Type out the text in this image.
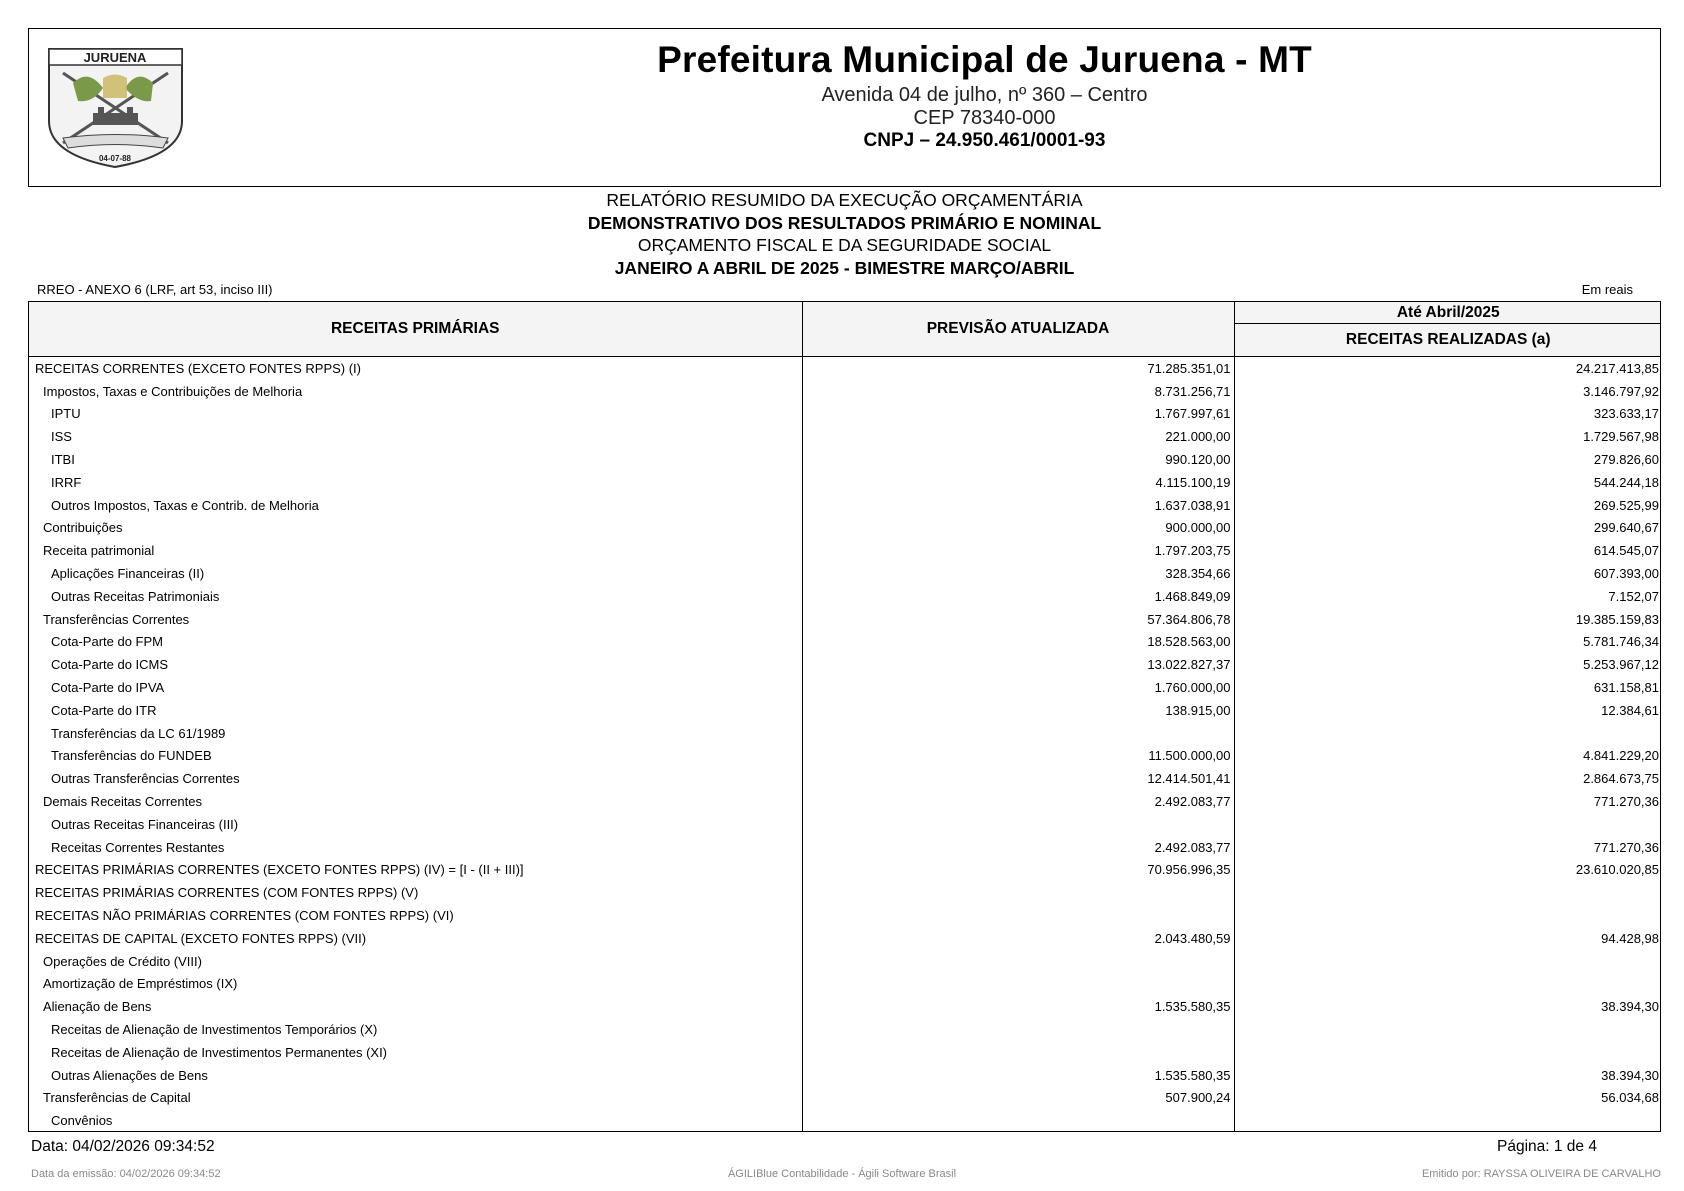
JURUENA
04-07-88
Prefeitura Municipal de Juruena - MT
Avenida 04 de julho, nº 360 – Centro
CEP 78340-000
CNPJ – 24.950.461/0001-93
RELATÓRIO RESUMIDO DA EXECUÇÃO ORÇAMENTÁRIA
DEMONSTRATIVO DOS RESULTADOS PRIMÁRIO E NOMINAL
ORÇAMENTO FISCAL E DA SEGURIDADE SOCIAL
JANEIRO A ABRIL DE 2025 - BIMESTRE MARÇO/ABRIL
RREO - ANEXO 6 (LRF, art 53, inciso III)	Em reais
RECEITAS PRIMÁRIAS	PREVISÃO ATUALIZADA	Até Abril/2025
		RECEITAS REALIZADAS (a)
RECEITAS CORRENTES (EXCETO FONTES RPPS) (I)	71.285.351,01	24.217.413,85
Impostos, Taxas e Contribuições de Melhoria	8.731.256,71	3.146.797,92
IPTU	1.767.997,61	323.633,17
ISS	221.000,00	1.729.567,98
ITBI	990.120,00	279.826,60
IRRF	4.115.100,19	544.244,18
Outros Impostos, Taxas e Contrib. de Melhoria	1.637.038,91	269.525,99
Contribuições	900.000,00	299.640,67
Receita patrimonial	1.797.203,75	614.545,07
Aplicações Financeiras (II)	328.354,66	607.393,00
Outras Receitas Patrimoniais	1.468.849,09	7.152,07
Transferências Correntes	57.364.806,78	19.385.159,83
Cota-Parte do FPM	18.528.563,00	5.781.746,34
Cota-Parte do ICMS	13.022.827,37	5.253.967,12
Cota-Parte do IPVA	1.760.000,00	631.158,81
Cota-Parte do ITR	138.915,00	12.384,61
Transferências da LC 61/1989		
Transferências do FUNDEB	11.500.000,00	4.841.229,20
Outras Transferências Correntes	12.414.501,41	2.864.673,75
Demais Receitas Correntes	2.492.083,77	771.270,36
Outras Receitas Financeiras (III)		
Receitas Correntes Restantes	2.492.083,77	771.270,36
RECEITAS PRIMÁRIAS CORRENTES (EXCETO FONTES RPPS) (IV) = [I - (II + III)]	70.956.996,35	23.610.020,85
RECEITAS PRIMÁRIAS CORRENTES (COM FONTES RPPS) (V)		
RECEITAS NÃO PRIMÁRIAS CORRENTES (COM FONTES RPPS) (VI)		
RECEITAS DE CAPITAL (EXCETO FONTES RPPS) (VII)	2.043.480,59	94.428,98
Operações de Crédito (VIII)		
Amortização de Empréstimos (IX)		
Alienação de Bens	1.535.580,35	38.394,30
Receitas de Alienação de Investimentos Temporários (X)		
Receitas de Alienação de Investimentos Permanentes (XI)		
Outras Alienações de Bens	1.535.580,35	38.394,30
Transferências de Capital	507.900,24	56.034,68
Convênios		
Data: 04/02/2026 09:34:52	Página: 1 de 4
Data da emissão: 04/02/2026 09:34:52	ÁGILIBlue Contabilidade - Ágili Software Brasil	Emitido por: RAYSSA OLIVEIRA DE CARVALHO
